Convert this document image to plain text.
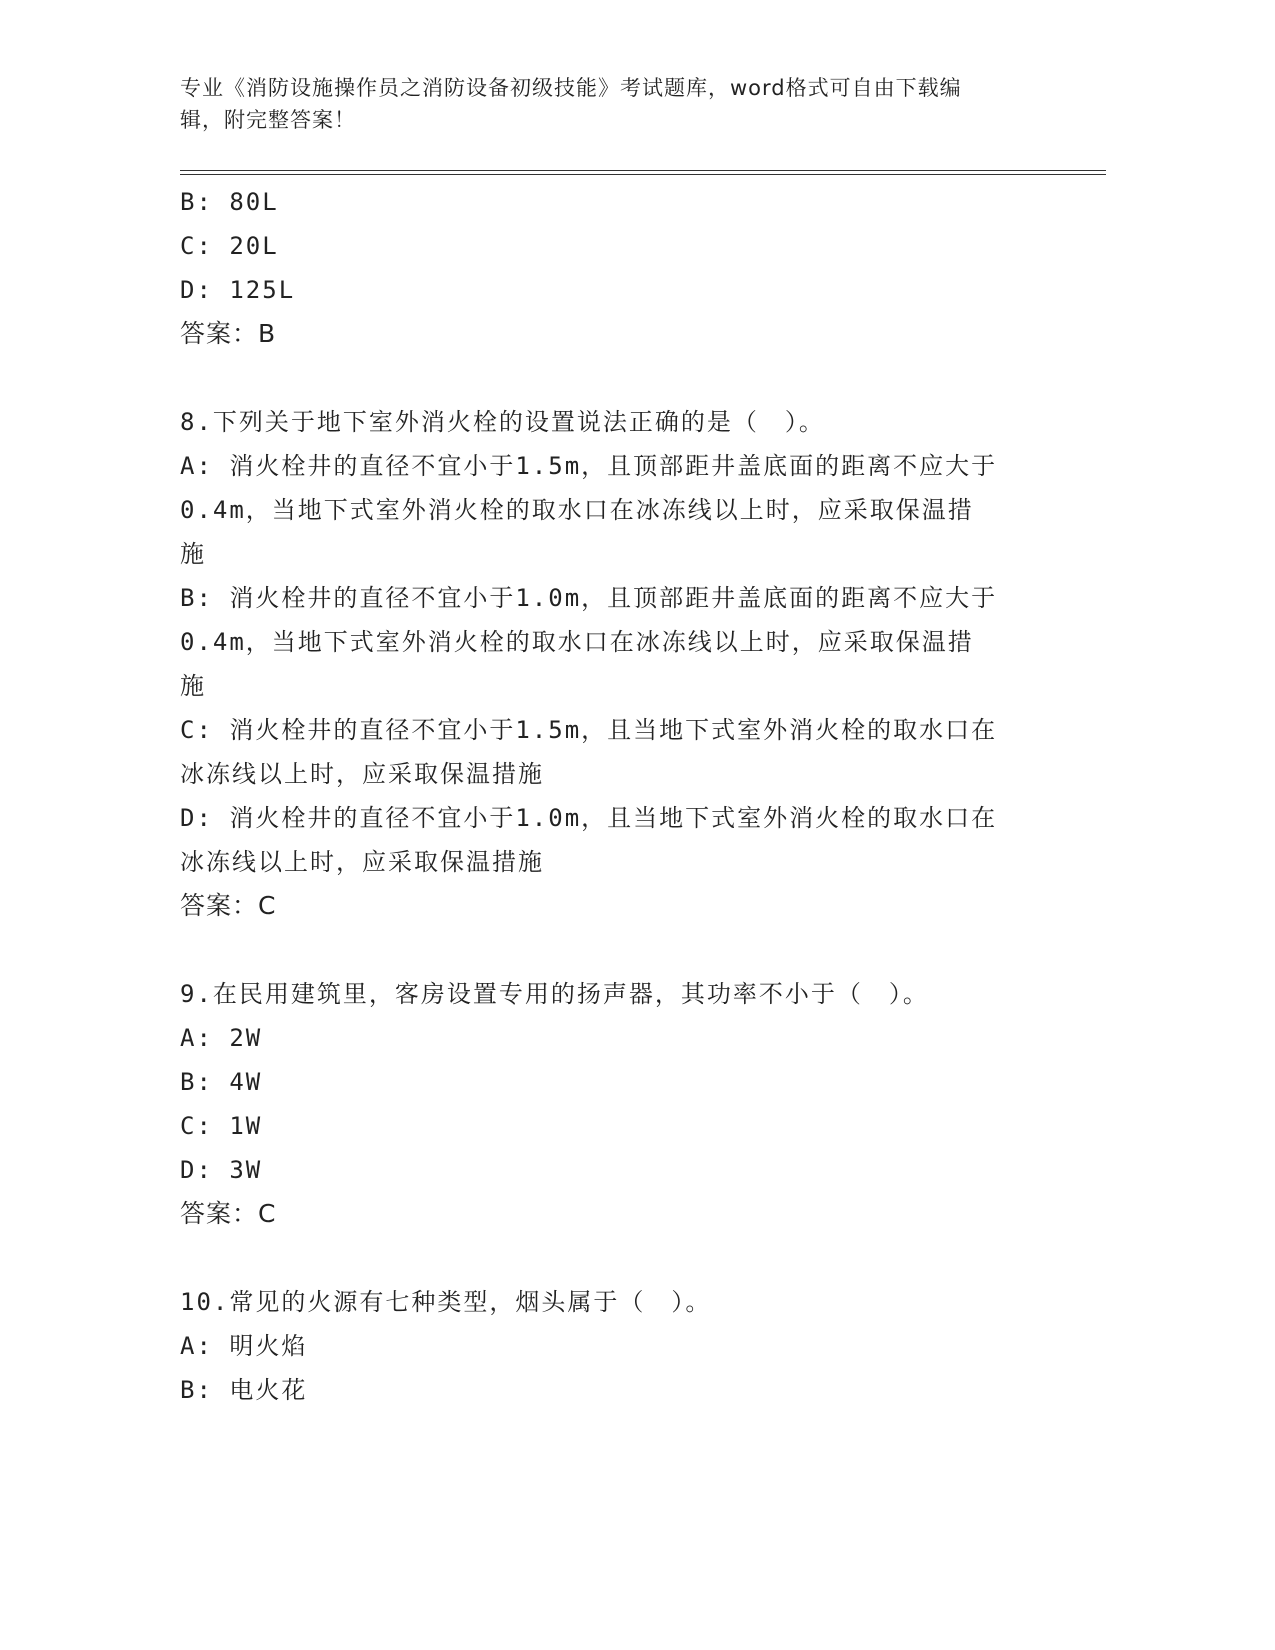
专业《消防设施操作员之消防设备初级技能》考试题库，word格式可自由下载编
辑，附完整答案！
B: 80L
C: 20L
D: 125L
答案：B
8.下列关于地下室外消火栓的设置说法正确的是（　）。
A: 消火栓井的直径不宜小于1.5m，且顶部距井盖底面的距离不应大于
0.4m，当地下式室外消火栓的取水口在冰冻线以上时，应采取保温措
施
B: 消火栓井的直径不宜小于1.0m，且顶部距井盖底面的距离不应大于
0.4m，当地下式室外消火栓的取水口在冰冻线以上时，应采取保温措
施
C: 消火栓井的直径不宜小于1.5m，且当地下式室外消火栓的取水口在
冰冻线以上时，应采取保温措施
D: 消火栓井的直径不宜小于1.0m，且当地下式室外消火栓的取水口在
冰冻线以上时，应采取保温措施
答案：C
9.在民用建筑里，客房设置专用的扬声器，其功率不小于（　）。
A: 2W
B: 4W
C: 1W
D: 3W
答案：C
10.常见的火源有七种类型，烟头属于（　）。
A: 明火焰
B: 电火花
